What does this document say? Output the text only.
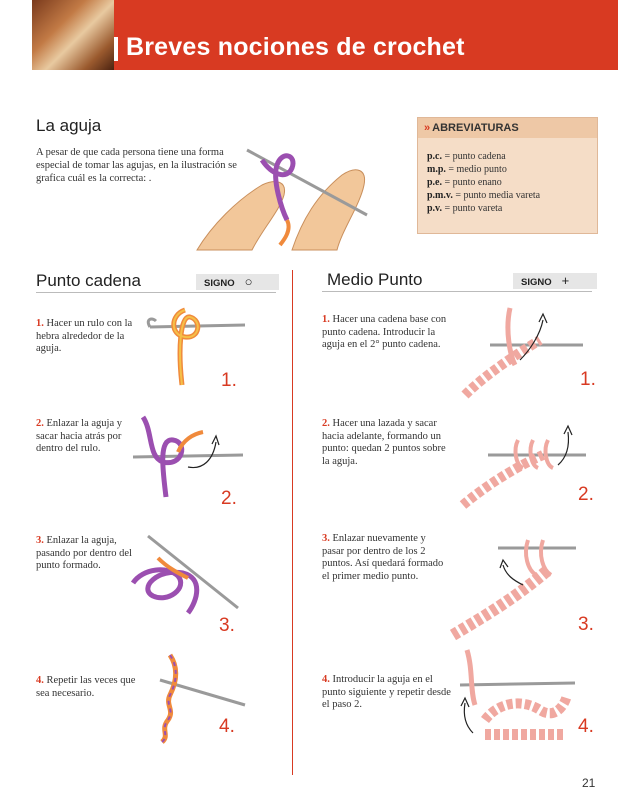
Breves nociones de crochet
La aguja
A pesar de que cada persona tiene una forma especial de tomar las agujas, en la ilustración se grafica cuál es la correcta: .
» ABREVIATURAS
p.c. = punto cadena
m.p. = medio punto
p.e. = punto enano
p.m.v. = punto media vareta
p.v. = punto vareta
Punto cadena	SIGNO ○	Medio Punto	SIGNO +
1. Hacer un rulo con la hebra alrededor de la aguja.
1.
2. Enlazar la aguja y sacar hacia atrás por dentro del rulo.
2.
3. Enlazar la aguja, pasando por dentro del punto formado.
3.
4. Repetir las veces que sea necesario.
4.
1. Hacer una cadena base con punto cadena. Introducir la aguja en el 2° punto cadena.
1.
2. Hacer una lazada y sacar hacia adelante, formando un punto: quedan 2 puntos sobre la aguja.
2.
3. Enlazar nuevamente y pasar por dentro de los 2 puntos. Así quedará formado el primer medio punto.
3.
4. Introducir la aguja en el punto siguiente y repetir desde el paso 2.
4.
21
